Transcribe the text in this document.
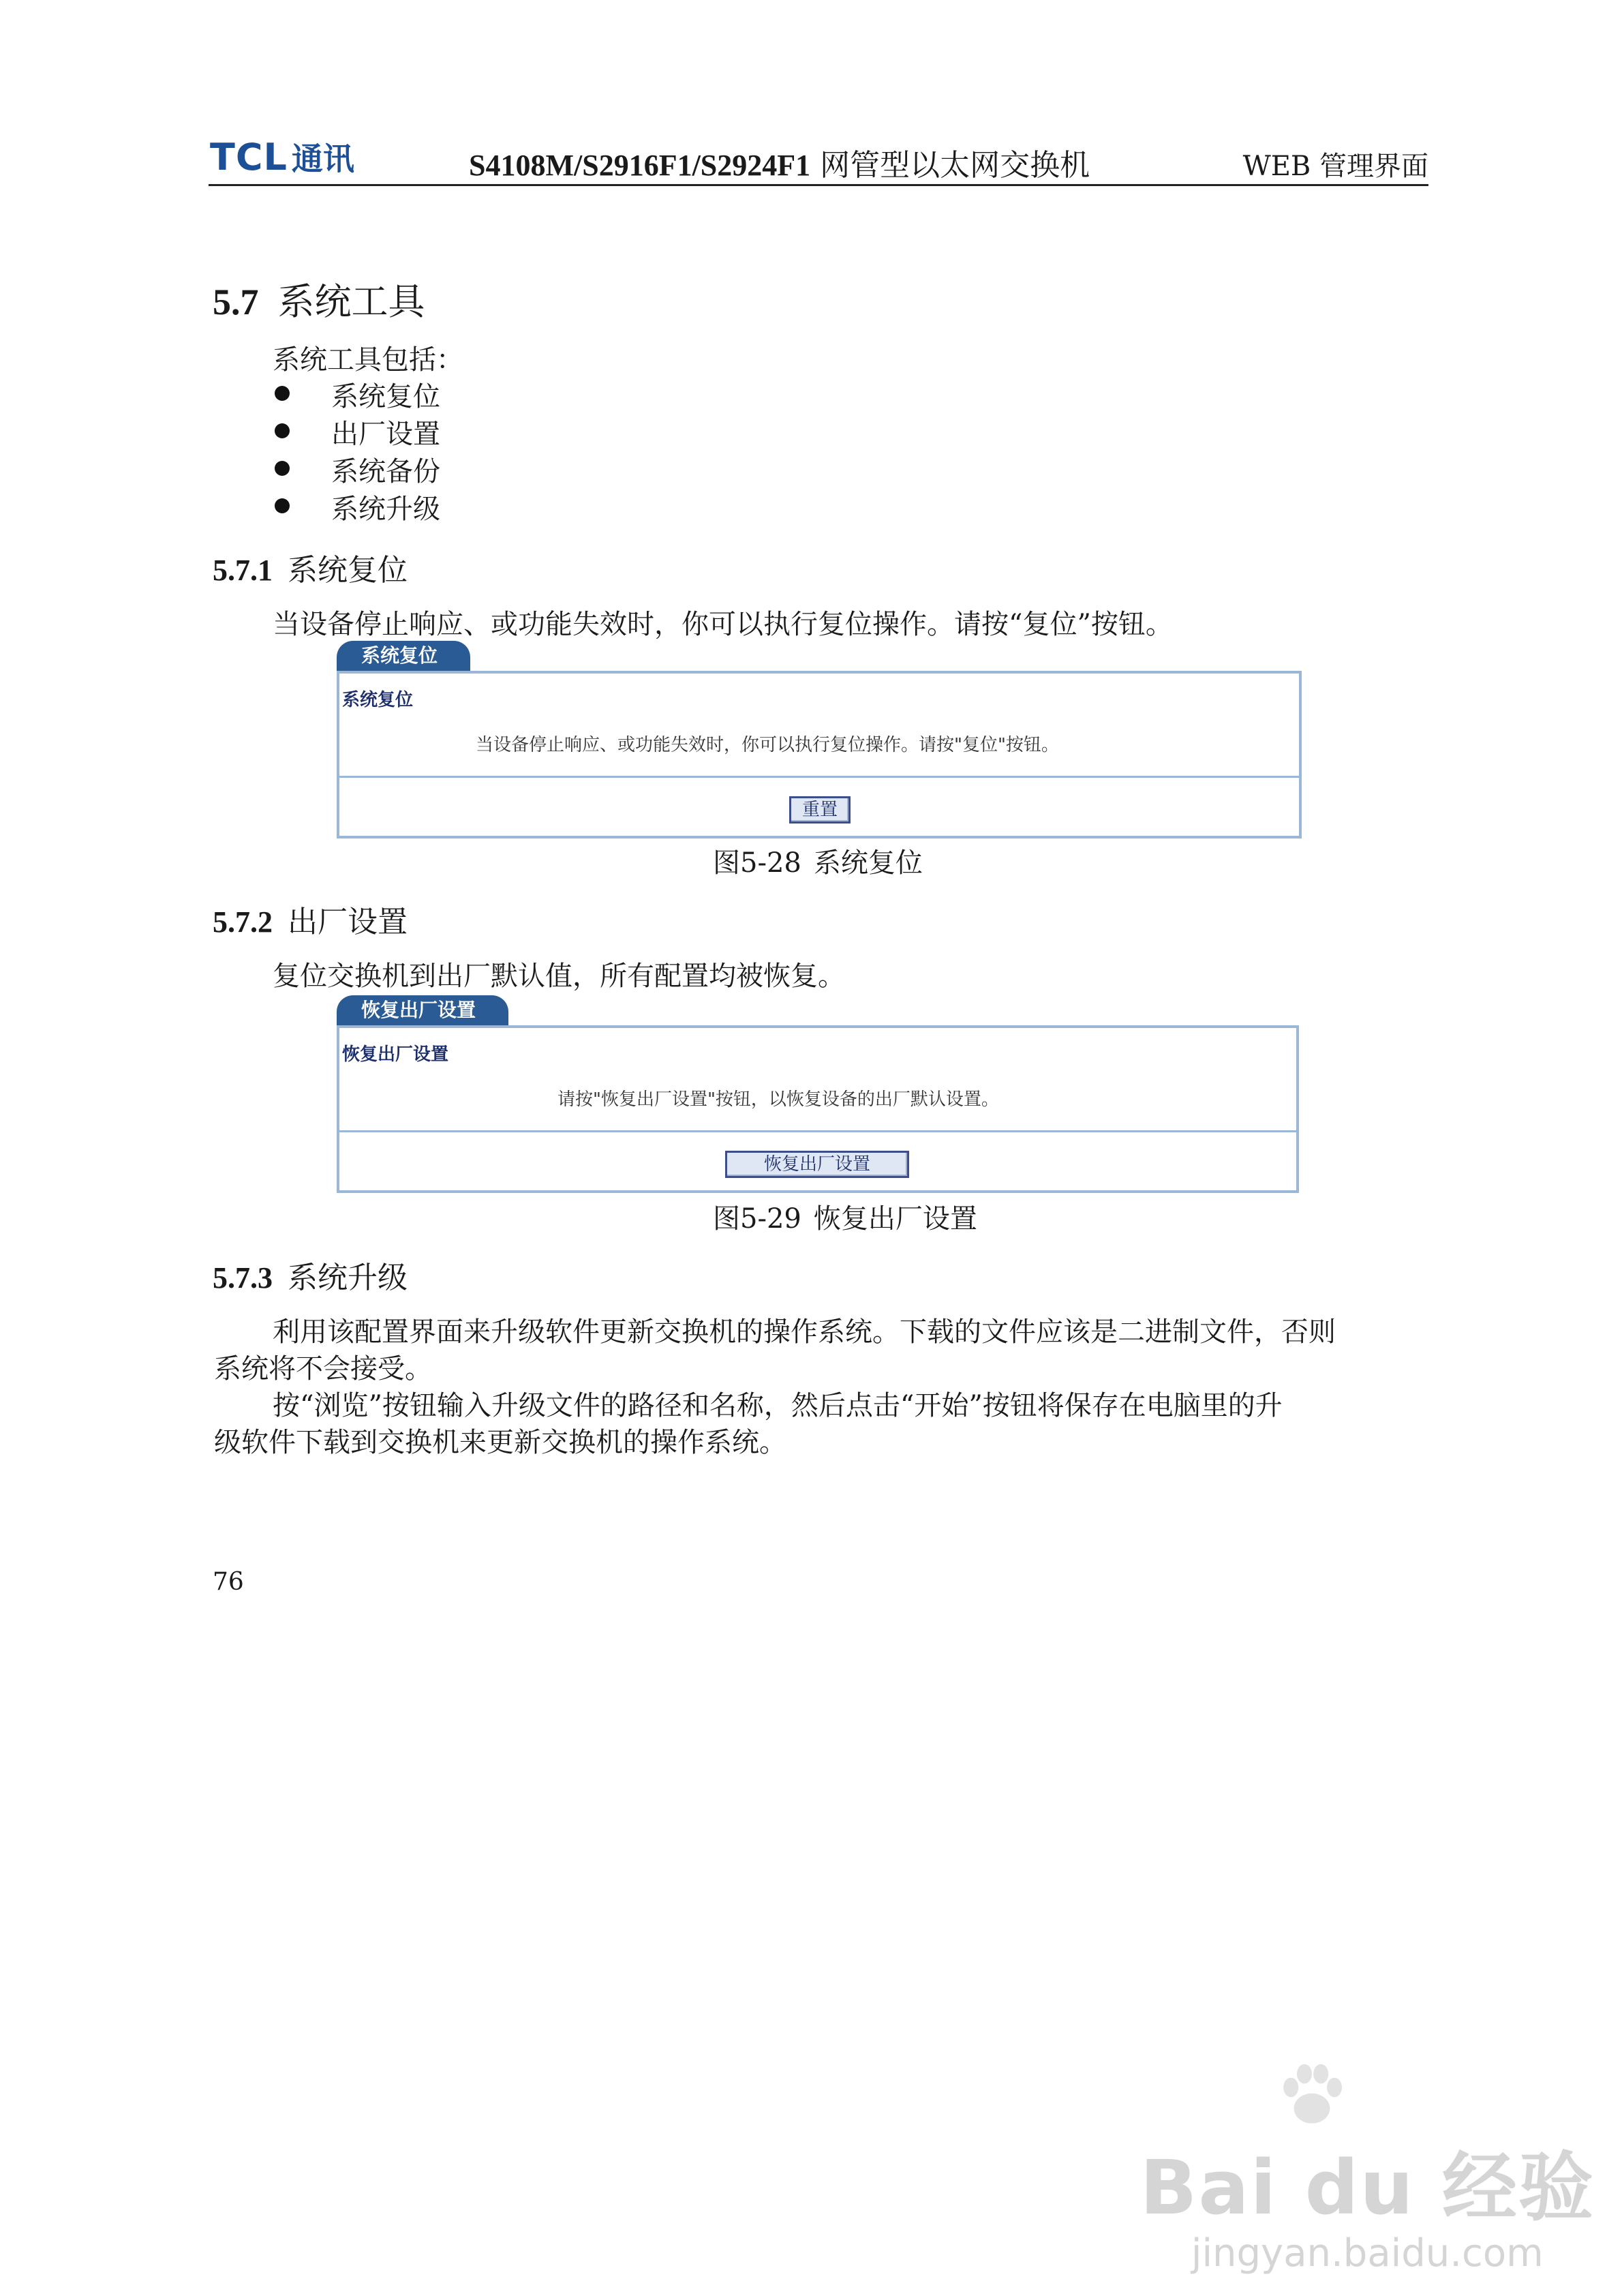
TCL 通讯	S4108M/S2916F1/S2924F1 网管型以太网交换机	WEB 管理界面
5.7 系统工具
系统工具包括：
系统复位
出厂设置
系统备份
系统升级
5.7.1 系统复位
当设备停止响应、或功能失效时，你可以执行复位操作。请按“复位”按钮。
系统复位
系统复位
当设备停止响应、或功能失效时，你可以执行复位操作。请按"复位"按钮。
重置
图5-28 系统复位
5.7.2 出厂设置
复位交换机到出厂默认值，所有配置均被恢复。
恢复出厂设置
恢复出厂设置
请按"恢复出厂设置"按钮，以恢复设备的出厂默认设置。
恢复出厂设置
图5-29 恢复出厂设置
5.7.3 系统升级
利用该配置界面来升级软件更新交换机的操作系统。下载的文件应该是二进制文件，否则
系统将不会接受。
按“浏览”按钮输入升级文件的路径和名称，然后点击“开始”按钮将保存在电脑里的升
级软件下载到交换机来更新交换机的操作系统。
76
Bai du 经验
jingyan.baidu.com
